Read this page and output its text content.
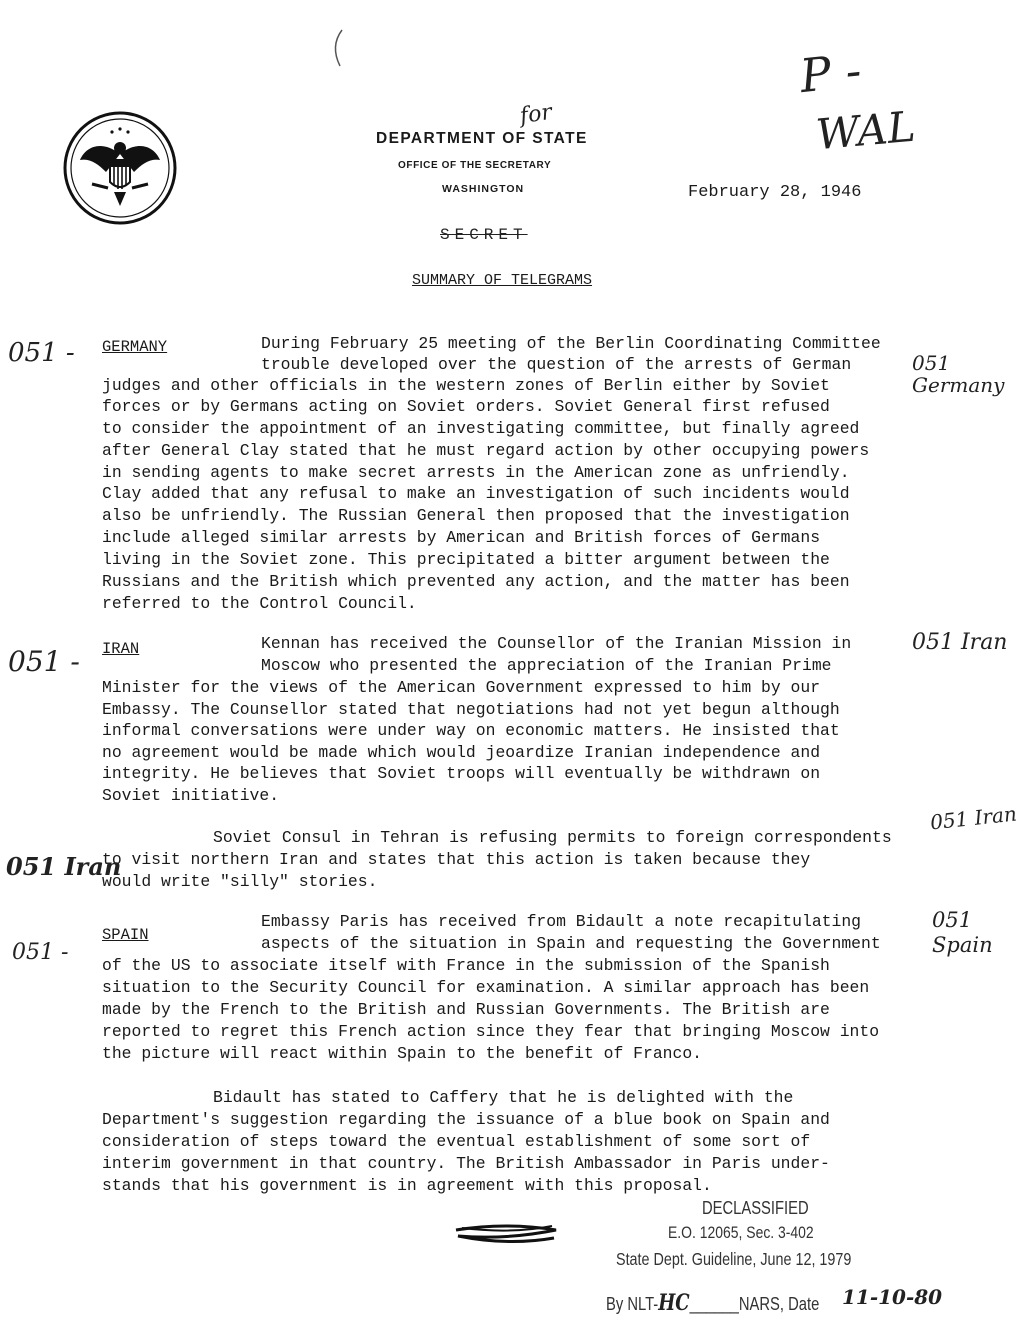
DEPARTMENT OF STATE
OFFICE OF THE SECRETARY
WASHINGTON	February 28, 1946
SECRET
SUMMARY OF TELEGRAMS
P -
WAL
for
051 - GERMANY	During February 25 meeting of the Berlin Coordinating Committee
trouble developed over the question of the arrests of German
judges and other officials in the western zones of Berlin either by Soviet
forces or by Germans acting on Soviet orders. Soviet General first refused
to consider the appointment of an investigating committee, but finally agreed
after General Clay stated that he must regard action by other occupying powers
in sending agents to make secret arrests in the American zone as unfriendly.
Clay added that any refusal to make an investigation of such incidents would
also be unfriendly. The Russian General then proposed that the investigation
include alleged similar arrests by American and British forces of Germans
living in the Soviet zone. This precipitated a bitter argument between the
Russians and the British which prevented any action, and the matter has been
referred to the Control Council.
051 Germany
051 - IRAN	Kennan has received the Counsellor of the Iranian Mission in
Moscow who presented the appreciation of the Iranian Prime
Minister for the views of the American Government expressed to him by our
Embassy. The Counsellor stated that negotiations had not yet begun although
informal conversations were under way on economic matters. He insisted that
no agreement would be made which would jeoardize Iranian independence and
integrity. He believes that Soviet troops will eventually be withdrawn on
Soviet initiative.
051 Iran
Soviet Consul in Tehran is refusing permits to foreign correspondents
to visit northern Iran and states that this action is taken because they
would write "silly" stories.
051 Iran
051 Iran
051 -
SPAIN
Embassy Paris has received from Bidault a note recapitulating
aspects of the situation in Spain and requesting the Government
of the US to associate itself with France in the submission of the Spanish
situation to the Security Council for examination. A similar approach has been
made by the French to the British and Russian Governments. The British are
reported to regret this French action since they fear that bringing Moscow into
the picture will react within Spain to the benefit of Franco.
051 Spain
Bidault has stated to Caffery that he is delighted with the
Department's suggestion regarding the issuance of a blue book on Spain and
consideration of steps toward the eventual establishment of some sort of
interim government in that country. The British Ambassador in Paris under-
stands that his government is in agreement with this proposal.
DECLASSIFIED
E.O. 12065, Sec. 3-402
State Dept. Guideline, June 12, 1979
By NLT-HC______NARS, Date 11-10-80
